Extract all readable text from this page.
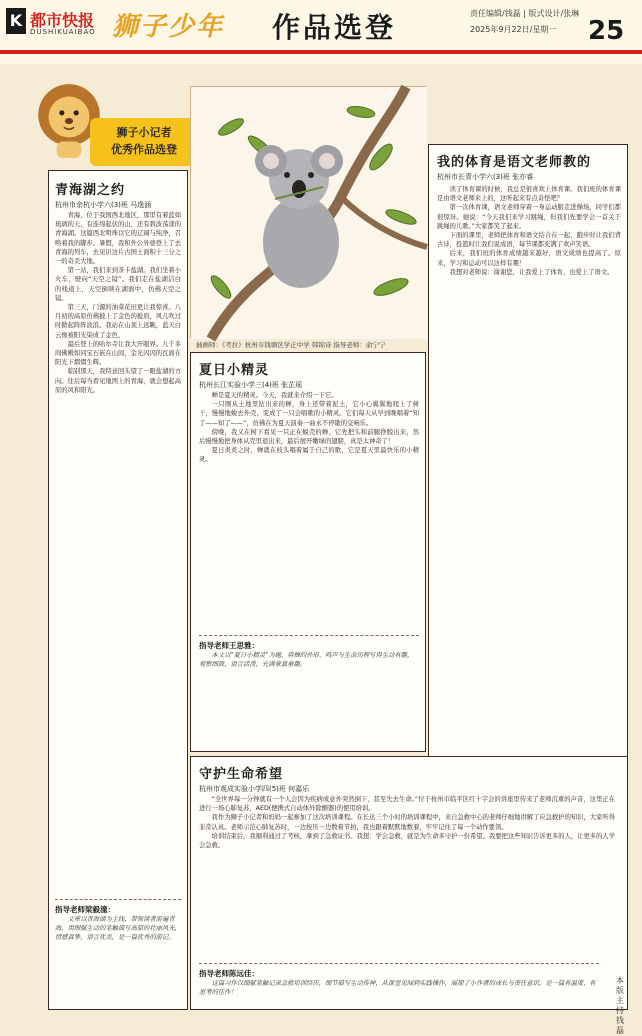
K 都市快报
DUSHIKUAIBAO 狮子少年 作品选登	责任编辑/钱磊 | 版式设计/张琳
2025年9月22日/星期一 25
狮子小记者
优秀作品选登
插画师：《考拉》杭州市钱塘区学正中学 韩锦诗 指导老师：俞宁宁
青海湖之约
杭州市余杭小学六(3)班 马逸涵

青海，位于我国西北地区，那里有着蓝如琉璃的天，有连绵起伏的山，还有碧波荡漾的青海湖。这篇西北明珠以它的辽阔与纯净，召唤着我的脚步。暑假，我和外公外婆登上了去青海的列车，去见识这片古国土面积十三分之一的奇美大地。

第一站，我们来到茶卡盐湖。我们坐着小火车，驶向“天空之镜”。我们走在盐湖洁白的栈道上，天空倒映在湖面中，仿佛天空之镜。

第三天，门源的油菜花田更让我惊喜。八月初的高原仿佛披上了金色的披肩，风儿吹过时掀起阵阵波浪。我站在山顶上远眺，蓝天白云像被阳光染成了金色，

最后登上的哈尔寺让我大开眼界。九千多间佛殿如同宝石嵌在山间，金光闪闪的瓦面在阳光下熠熠生辉。

临别那天，我特意回头望了一眼盐湖的方向。往后每当看见地图上的青海，就会想起高原的风和阳光。

指导老师梁毅潼：
文章以青海湖为主线，带领读者游遍青海，用细腻生动的笔触描写高原的壮丽风光，情感真挚，语言优美，是一篇优秀的游记。
夏日小精灵
杭州长江实验小学三(4)班 张芷瑶

蝉是夏天的精灵。今天，我就来介绍一下它。

一只刚从土地里钻出来的蝉，身上还带着泥土，它小心翼翼地爬上了树干，慢慢地蜕去外壳，变成了一只会唱歌的小精灵。它们每天从早到晚唱着“知了——知了——”，仿佛在为夏天演奏一曲永不停歇的交响乐。

傍晚，我又在树下看见一只正在蜕壳的蝉，它先把头和前腿挣脱出来，然后慢慢地把身体从壳里退出来，最后展开嫩绿的翅膀，真是太神奇了！

夏日炎炎之时，蝉就在枝头唱着属于自己的歌，它是夏天里最快乐的小精灵。

指导老师王思雅：
本文以“夏日小精灵”为题，将蝉的外形、鸣声与生命历程写得生动有趣，观察细致，语言活泼，充满童真童趣。
我的体育是语文老师教的
杭州市长青小学六(3)班 张亦睿

读了体育课的时候，我总是很喜欢上体育课。我们班的体育课是由语文老师来上的，这听起来有点奇怪吧？

第一次体育课，语文老师穿着一身运动服走进操场，同学们都很惊讶。她说：“今天我们来学习跳绳，但我们先要学会一首关于跳绳的儿歌。”大家都笑了起来。

下面的课里，老师把体育和语文结合在一起，跑步时让我们背古诗，投篮时让我们说成语，每节课都充满了欢声笑语。

后来，我们班的体育成绩越来越好，语文成绩也提高了。原来，学习和运动可以这样有趣！

我想对老师说：谢谢您，让我爱上了体育，也爱上了语文。

守护生命希望
杭州市观成实验小学四(5)班 何嘉乐

“全世界每一分钟就有一个人会因为疾病或意外突然倒下，甚至失去生命。”位于杭州市临平区红十字会的讲座里传来了老师沉重的声音，这里正在进行一场心肺复苏、AED(便携式自动体外除颤器)的使用培训。

我作为狮子小记者和妈妈一起参加了这次培训课程。在长达三个小时的培训课程中，来自急救中心的老师仔细地讲解了应急救护的知识，大家听得非常认真。老师示范心肺复苏时，一边按压一边数着节拍，我也跟着默默地数着，牢牢记住了每一个动作要领。

培训结束后，我顺利通过了考核，拿到了急救证书。我想：学会急救，就是为生命多守护一份希望。我要把这些知识告诉更多的人，让更多的人学会急救。

指导老师陈远佳：
这篇习作以细腻笔触记录急救培训经历，细节描写生动传神，从课堂见闻到实践操作，展现了小作者的成长与责任意识，是一篇有温度、有思考的佳作！
本版主持 钱磊
